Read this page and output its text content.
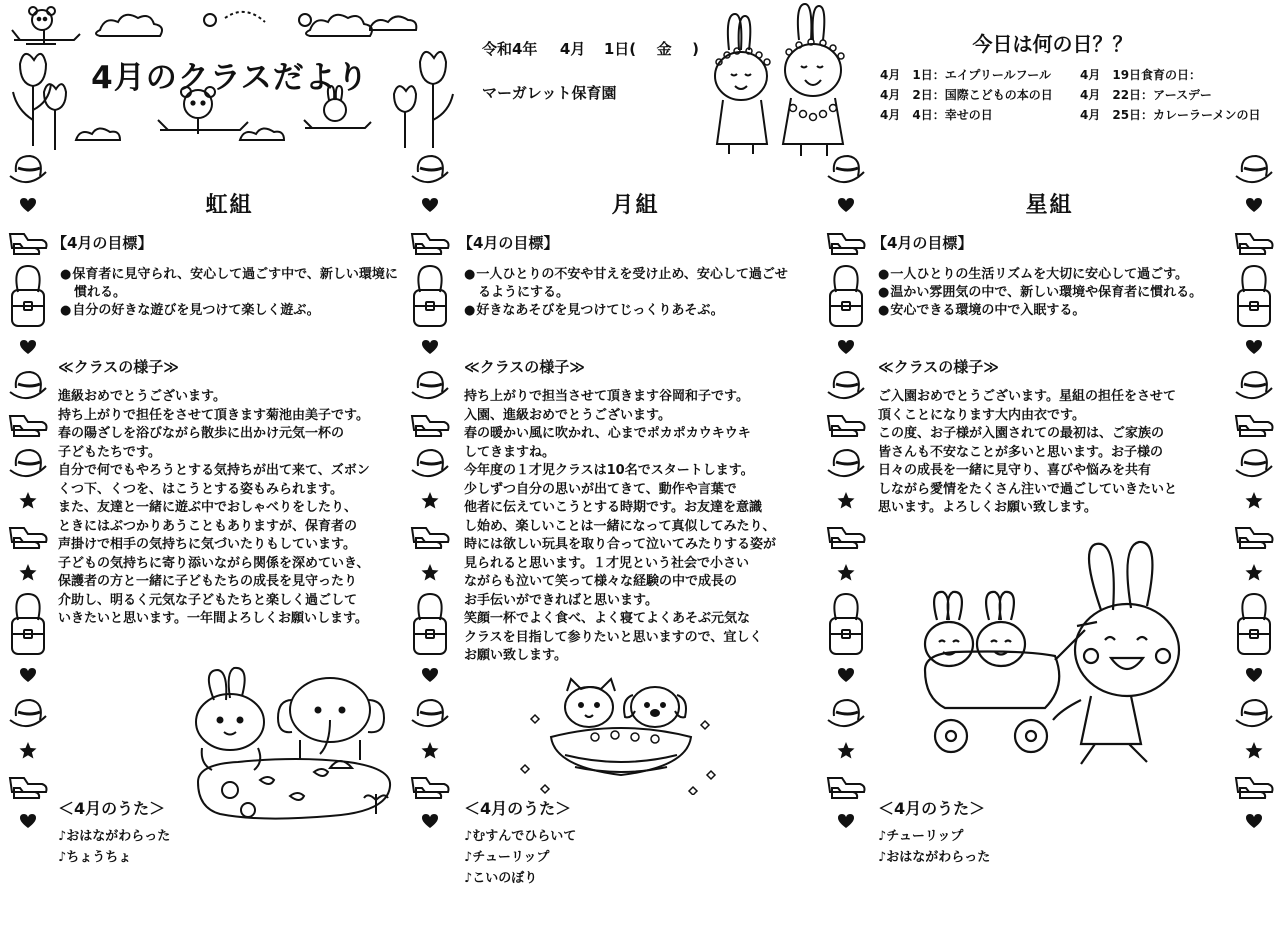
4月のクラスだより
令和4年 4月 1日( 金 )
マーガレット保育園
今日は何の日？？
4月　1日：エイプリールフール	4月　19日食育の日：
4月　2日：国際こどもの本の日	4月　22日：アースデー
4月　4日：幸せの日	4月　25日：カレーラーメンの日
虹組
【4月の目標】
● 保育者に見守られ、安心して過ごす中で、新しい環境に慣れる。
● 自分の好きな遊びを見つけて楽しく遊ぶ。
≪クラスの様子≫
進級おめでとうございます。
持ち上がりで担任をさせて頂きます菊池由美子です。
春の陽ざしを浴びながら散歩に出かけ元気一杯の
子どもたちです。
自分で何でもやろうとする気持ちが出て来て、ズボン
くつ下、くつを、はこうとする姿もみられます。
また、友達と一緒に遊ぶ中でおしゃべりをしたり、
ときにはぶつかりあうこともありますが、保育者の
声掛けで相手の気持ちに気づいたりもしています。
子どもの気持ちに寄り添いながら関係を深めていき、
保護者の方と一緒に子どもたちの成長を見守ったり
介助し、明るく元気な子どもたちと楽しく過ごして
いきたいと思います。一年間よろしくお願いします。
＜4月のうた＞
♪ おはながわらった
♪ ちょうちょ
月組
【4月の目標】
● 一人ひとりの不安や甘えを受け止め、安心して過ごせるようにする。
● 好きなあそびを見つけてじっくりあそぶ。
≪クラスの様子≫
持ち上がりで担当させて頂きます谷岡和子です。
入園、進級おめでとうございます。
春の暖かい風に吹かれ、心までポカポカウキウキ
してきますね。
今年度の１才児クラスは10名でスタートします。
少しずつ自分の思いが出てきて、動作や言葉で
他者に伝えていこうとする時期です。お友達を意識
し始め、楽しいことは一緒になって真似してみたり、
時には欲しい玩具を取り合って泣いてみたりする姿が
見られると思います。１才児という社会で小さい
ながらも泣いて笑って様々な経験の中で成長の
お手伝いができればと思います。
笑顔一杯でよく食べ、よく寝てよくあそぶ元気な
クラスを目指して参りたいと思いますので、宜しく
お願い致します。
＜4月のうた＞
♪ むすんでひらいて
♪ チューリップ
♪ こいのぼり
星組
【4月の目標】
● 一人ひとりの生活リズムを大切に安心して過ごす。
● 温かい雰囲気の中で、新しい環境や保育者に慣れる。
● 安心できる環境の中で入眠する。
≪クラスの様子≫
ご入園おめでとうございます。星組の担任をさせて
頂くことになります大内由衣です。
この度、お子様が入園されての最初は、ご家族の
皆さんも不安なことが多いと思います。お子様の
日々の成長を一緒に見守り、喜びや悩みを共有
しながら愛情をたくさん注いで過ごしていきたいと
思います。よろしくお願い致します。
＜4月のうた＞
♪ チューリップ
♪ おはながわらった
